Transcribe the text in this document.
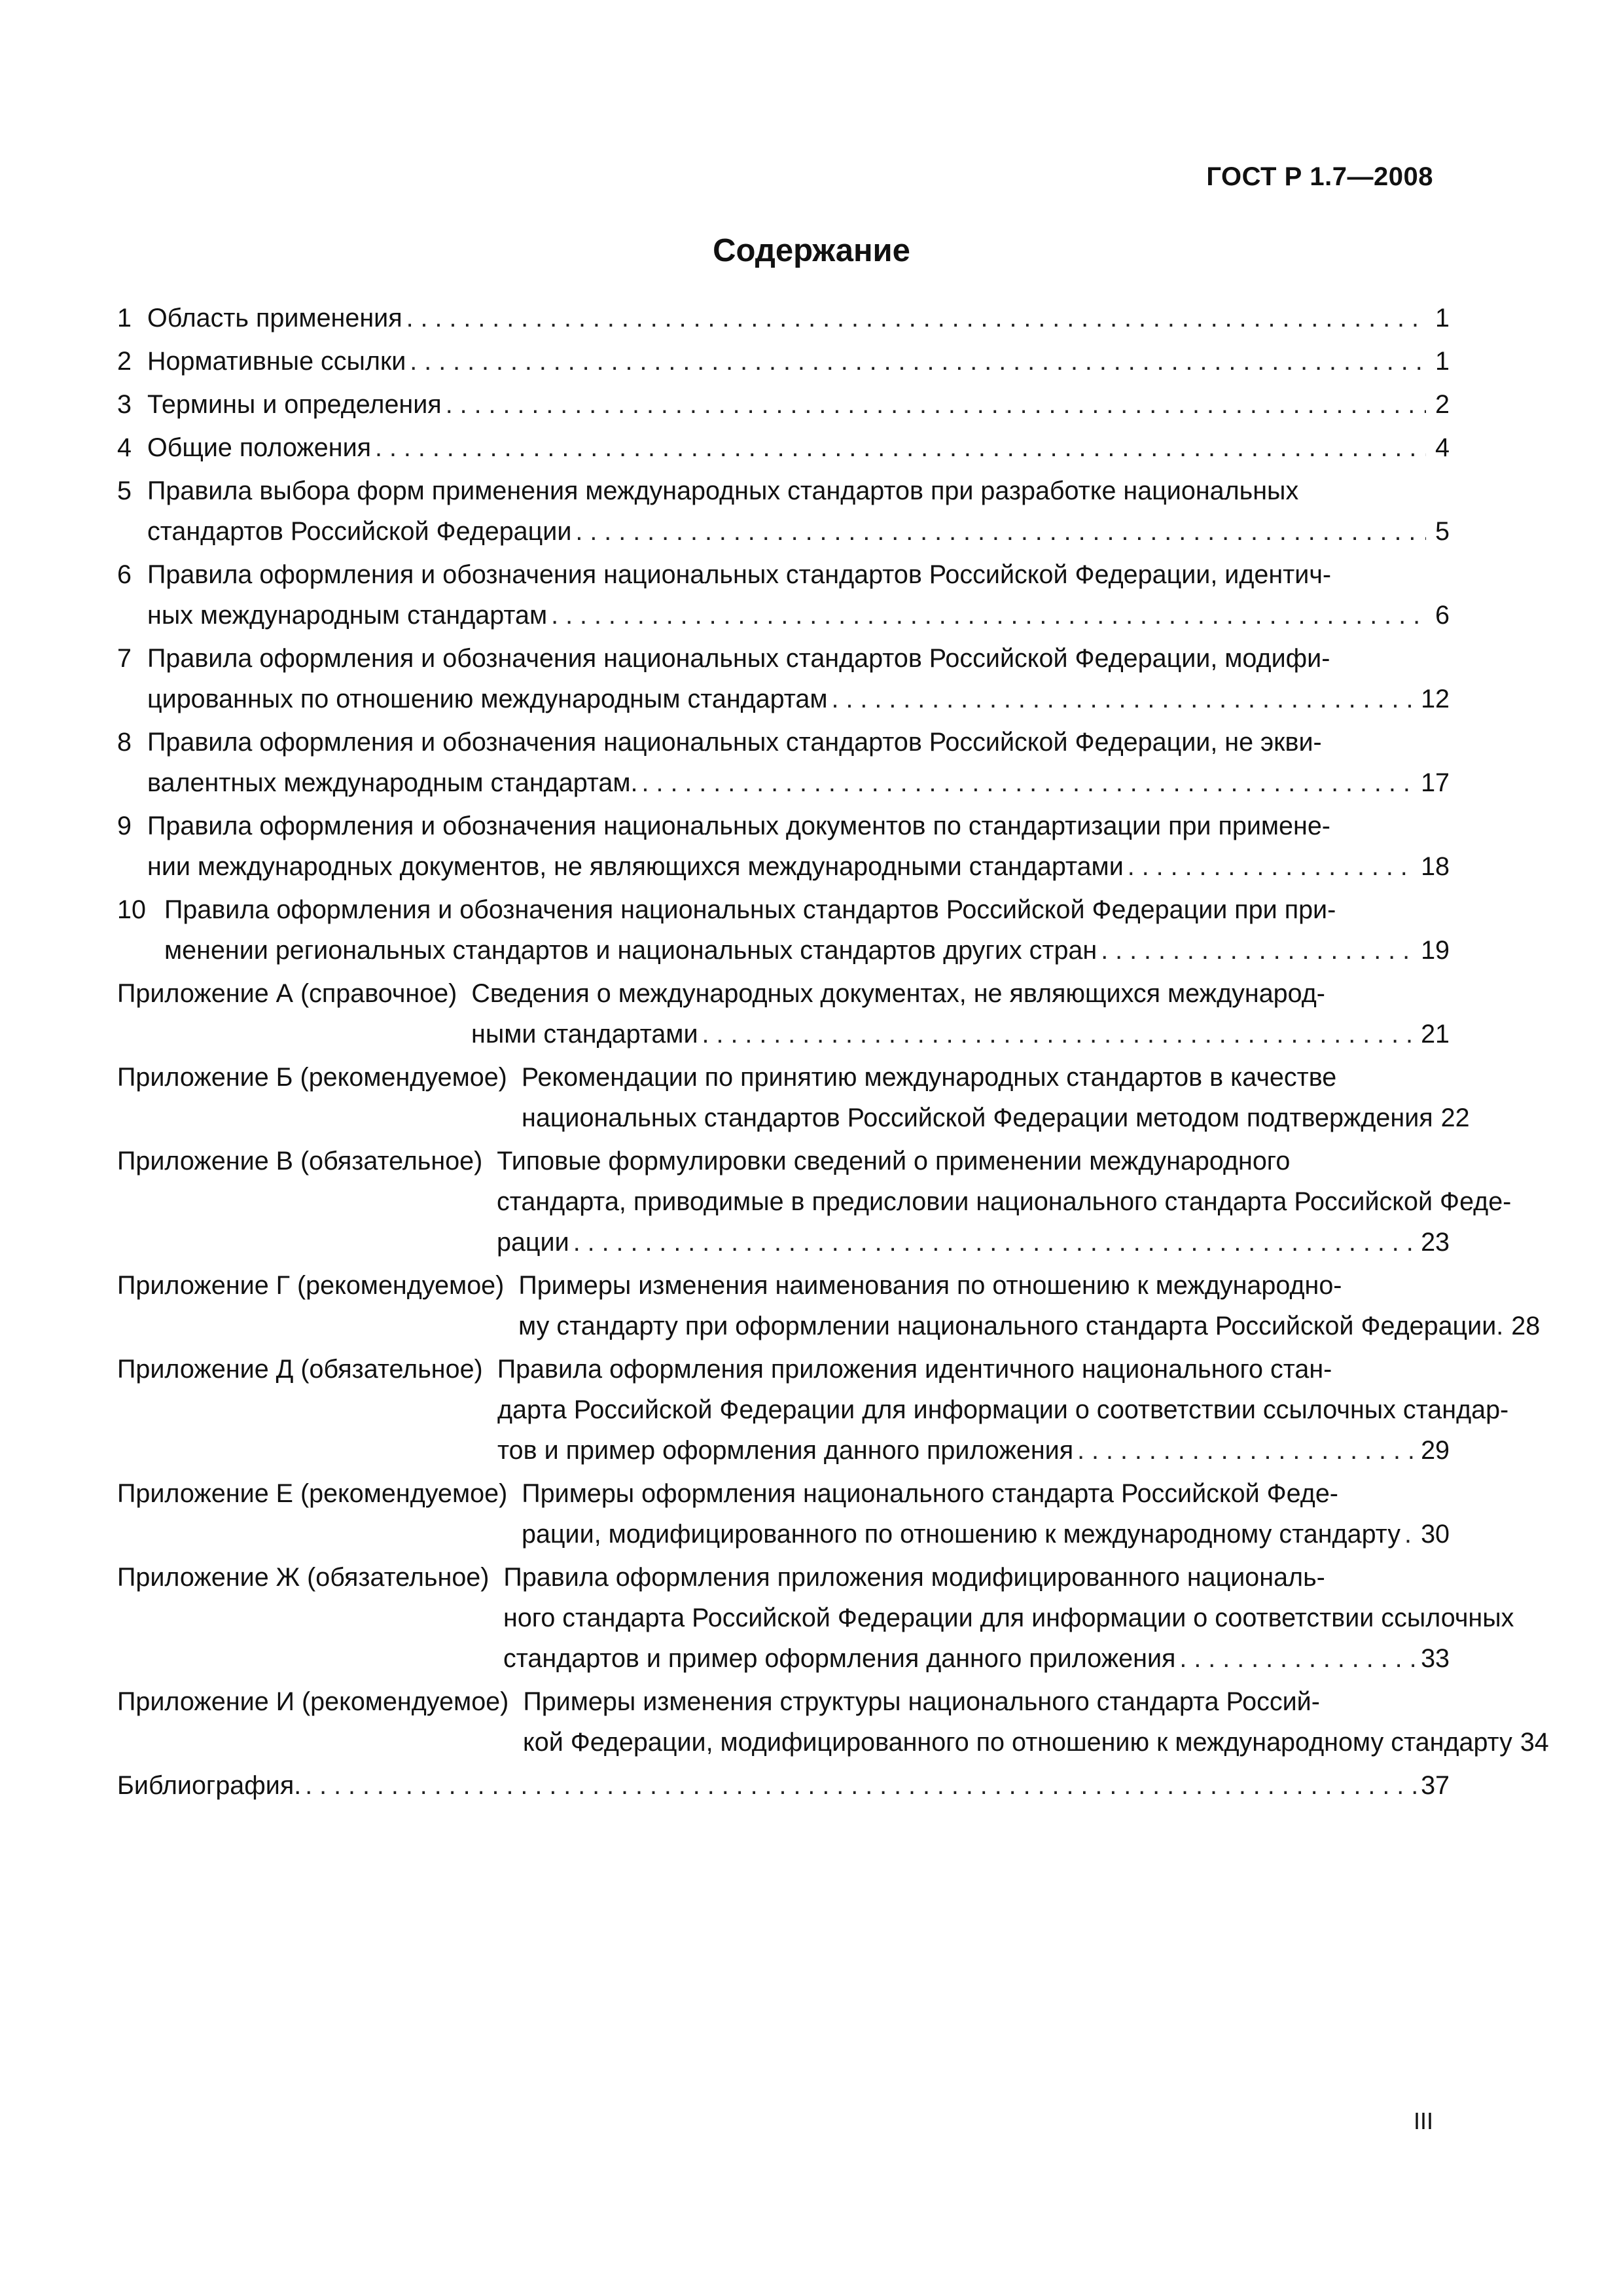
ГОСТ Р 1.7—2008
Содержание
1 Область применения . . .	1
2 Нормативные ссылки . . .	1
3 Термины и определения . . .	2
4 Общие положения . . .	4
5 Правила выбора форм применения международных стандартов при разработке национальных
стандартов Российской Федерации . . .	5
6 Правила оформления и обозначения национальных стандартов Российской Федерации, идентич-
ных международным стандартам . . .	6
7 Правила оформления и обозначения национальных стандартов Российской Федерации, модифи-
цированных по отношению международным стандартам . . .	12
8 Правила оформления и обозначения национальных стандартов Российской Федерации, не экви-
валентных международным стандартам. . . .	17
9 Правила оформления и обозначения национальных документов по стандартизации при примене-
нии международных документов, не являющихся международными стандартами . . .	18
10 Правила оформления и обозначения национальных стандартов Российской Федерации при при-
менении региональных стандартов и национальных стандартов других стран . . .	19
Приложение А (справочное) Сведения о международных документах, не являющихся международ-
ными стандартами . . .	21
Приложение Б (рекомендуемое) Рекомендации по принятию международных стандартов в качестве
национальных стандартов Российской Федерации методом подтверждения 22
Приложение В (обязательное) Типовые формулировки сведений о применении международного
стандарта, приводимые в предисловии национального стандарта Российской Феде-
рации . . .	23
Приложение Г (рекомендуемое) Примеры изменения наименования по отношению к международно-
му стандарту при оформлении национального стандарта Российской Федерации. 28
Приложение Д (обязательное) Правила оформления приложения идентичного национального стан-
дарта Российской Федерации для информации о соответствии ссылочных стандар-
тов и пример оформления данного приложения . . .	29
Приложение Е (рекомендуемое) Примеры оформления национального стандарта Российской Феде-
рации, модифицированного по отношению к международному стандарту . . . 30
Приложение Ж (обязательное) Правила оформления приложения модифицированного националь-
ного стандарта Российской Федерации для информации о соответствии ссылочных
стандартов и пример оформления данного приложения . . .	33
Приложение И (рекомендуемое) Примеры изменения структуры национального стандарта Россий-
кой Федерации, модифицированного по отношению к международному стандарту 34
Библиография. . . .	37
III
